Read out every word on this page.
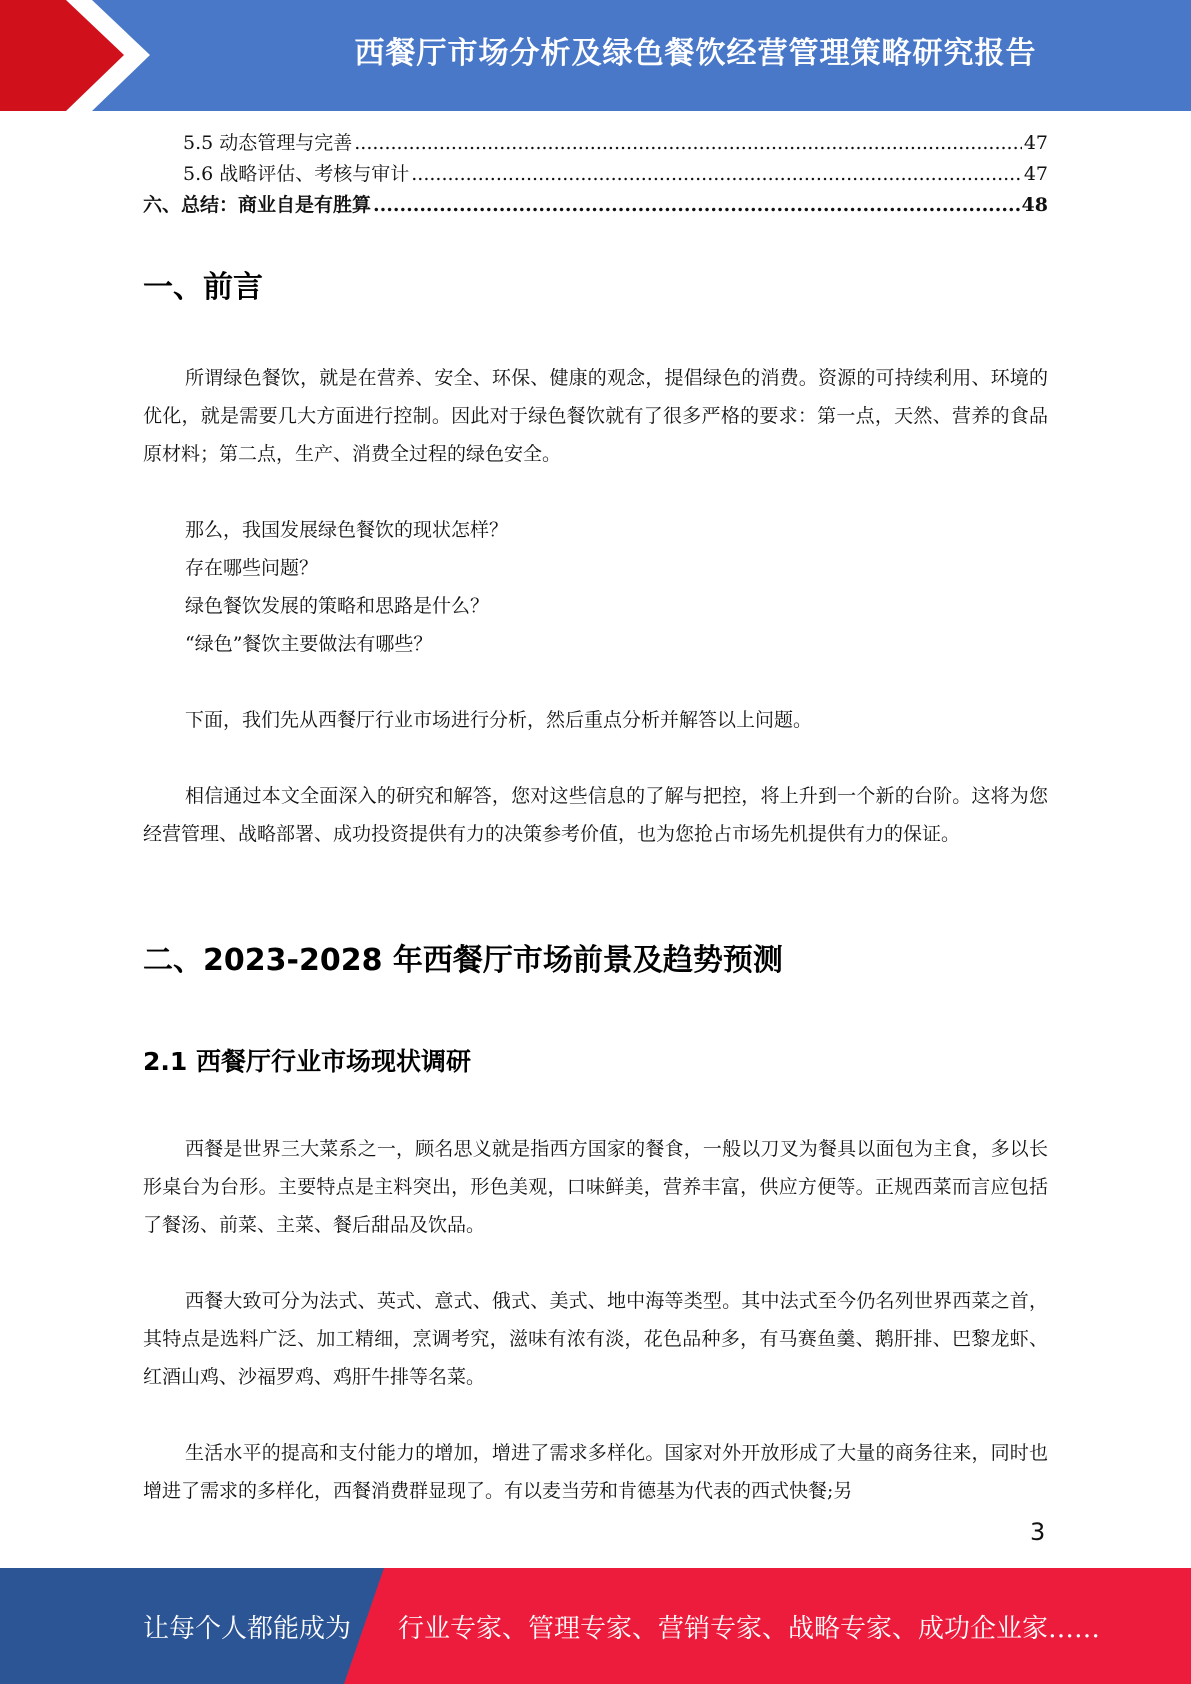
西餐厅市场分析及绿色餐饮经营管理策略研究报告
5.5 动态管理与完善 .....	47
5.6 战略评估、考核与审计 .....	47
六、总结：商业自是有胜算 .....	48
一、前言

所谓绿色餐饮，就是在营养、安全、环保、健康的观念，提倡绿色的消费。资源的可持续利用、环境的优化，就是需要几大方面进行控制。因此对于绿色餐饮就有了很多严格的要求：第一点，天然、营养的食品原材料；第二点，生产、消费全过程的绿色安全。

那么，我国发展绿色餐饮的现状怎样？

存在哪些问题？

绿色餐饮发展的策略和思路是什么？

“绿色”餐饮主要做法有哪些？

下面，我们先从西餐厅行业市场进行分析，然后重点分析并解答以上问题。

相信通过本文全面深入的研究和解答，您对这些信息的了解与把控，将上升到一个新的台阶。这将为您经营管理、战略部署、成功投资提供有力的决策参考价值，也为您抢占市场先机提供有力的保证。

二、2023-2028 年西餐厅市场前景及趋势预测
2.1 西餐厅行业市场现状调研

西餐是世界三大菜系之一，顾名思义就是指西方国家的餐食，一般以刀叉为餐具以面包为主食，多以长形桌台为台形。主要特点是主料突出，形色美观，口味鲜美，营养丰富，供应方便等。正规西菜而言应包括了餐汤、前菜、主菜、餐后甜品及饮品。

西餐大致可分为法式、英式、意式、俄式、美式、地中海等类型。其中法式至今仍名列世界西菜之首，其特点是选料广泛、加工精细，烹调考究，滋味有浓有淡，花色品种多，有马赛鱼羹、鹅肝排、巴黎龙虾、红酒山鸡、沙福罗鸡、鸡肝牛排等名菜。

生活水平的提高和支付能力的增加，增进了需求多样化。国家对外开放形成了大量的商务往来，同时也增进了需求的多样化，西餐消费群显现了。有以麦当劳和肯德基为代表的西式快餐;另

3
让每个人都能成为 行业专家、管理专家、营销专家、战略专家、成功企业家……
